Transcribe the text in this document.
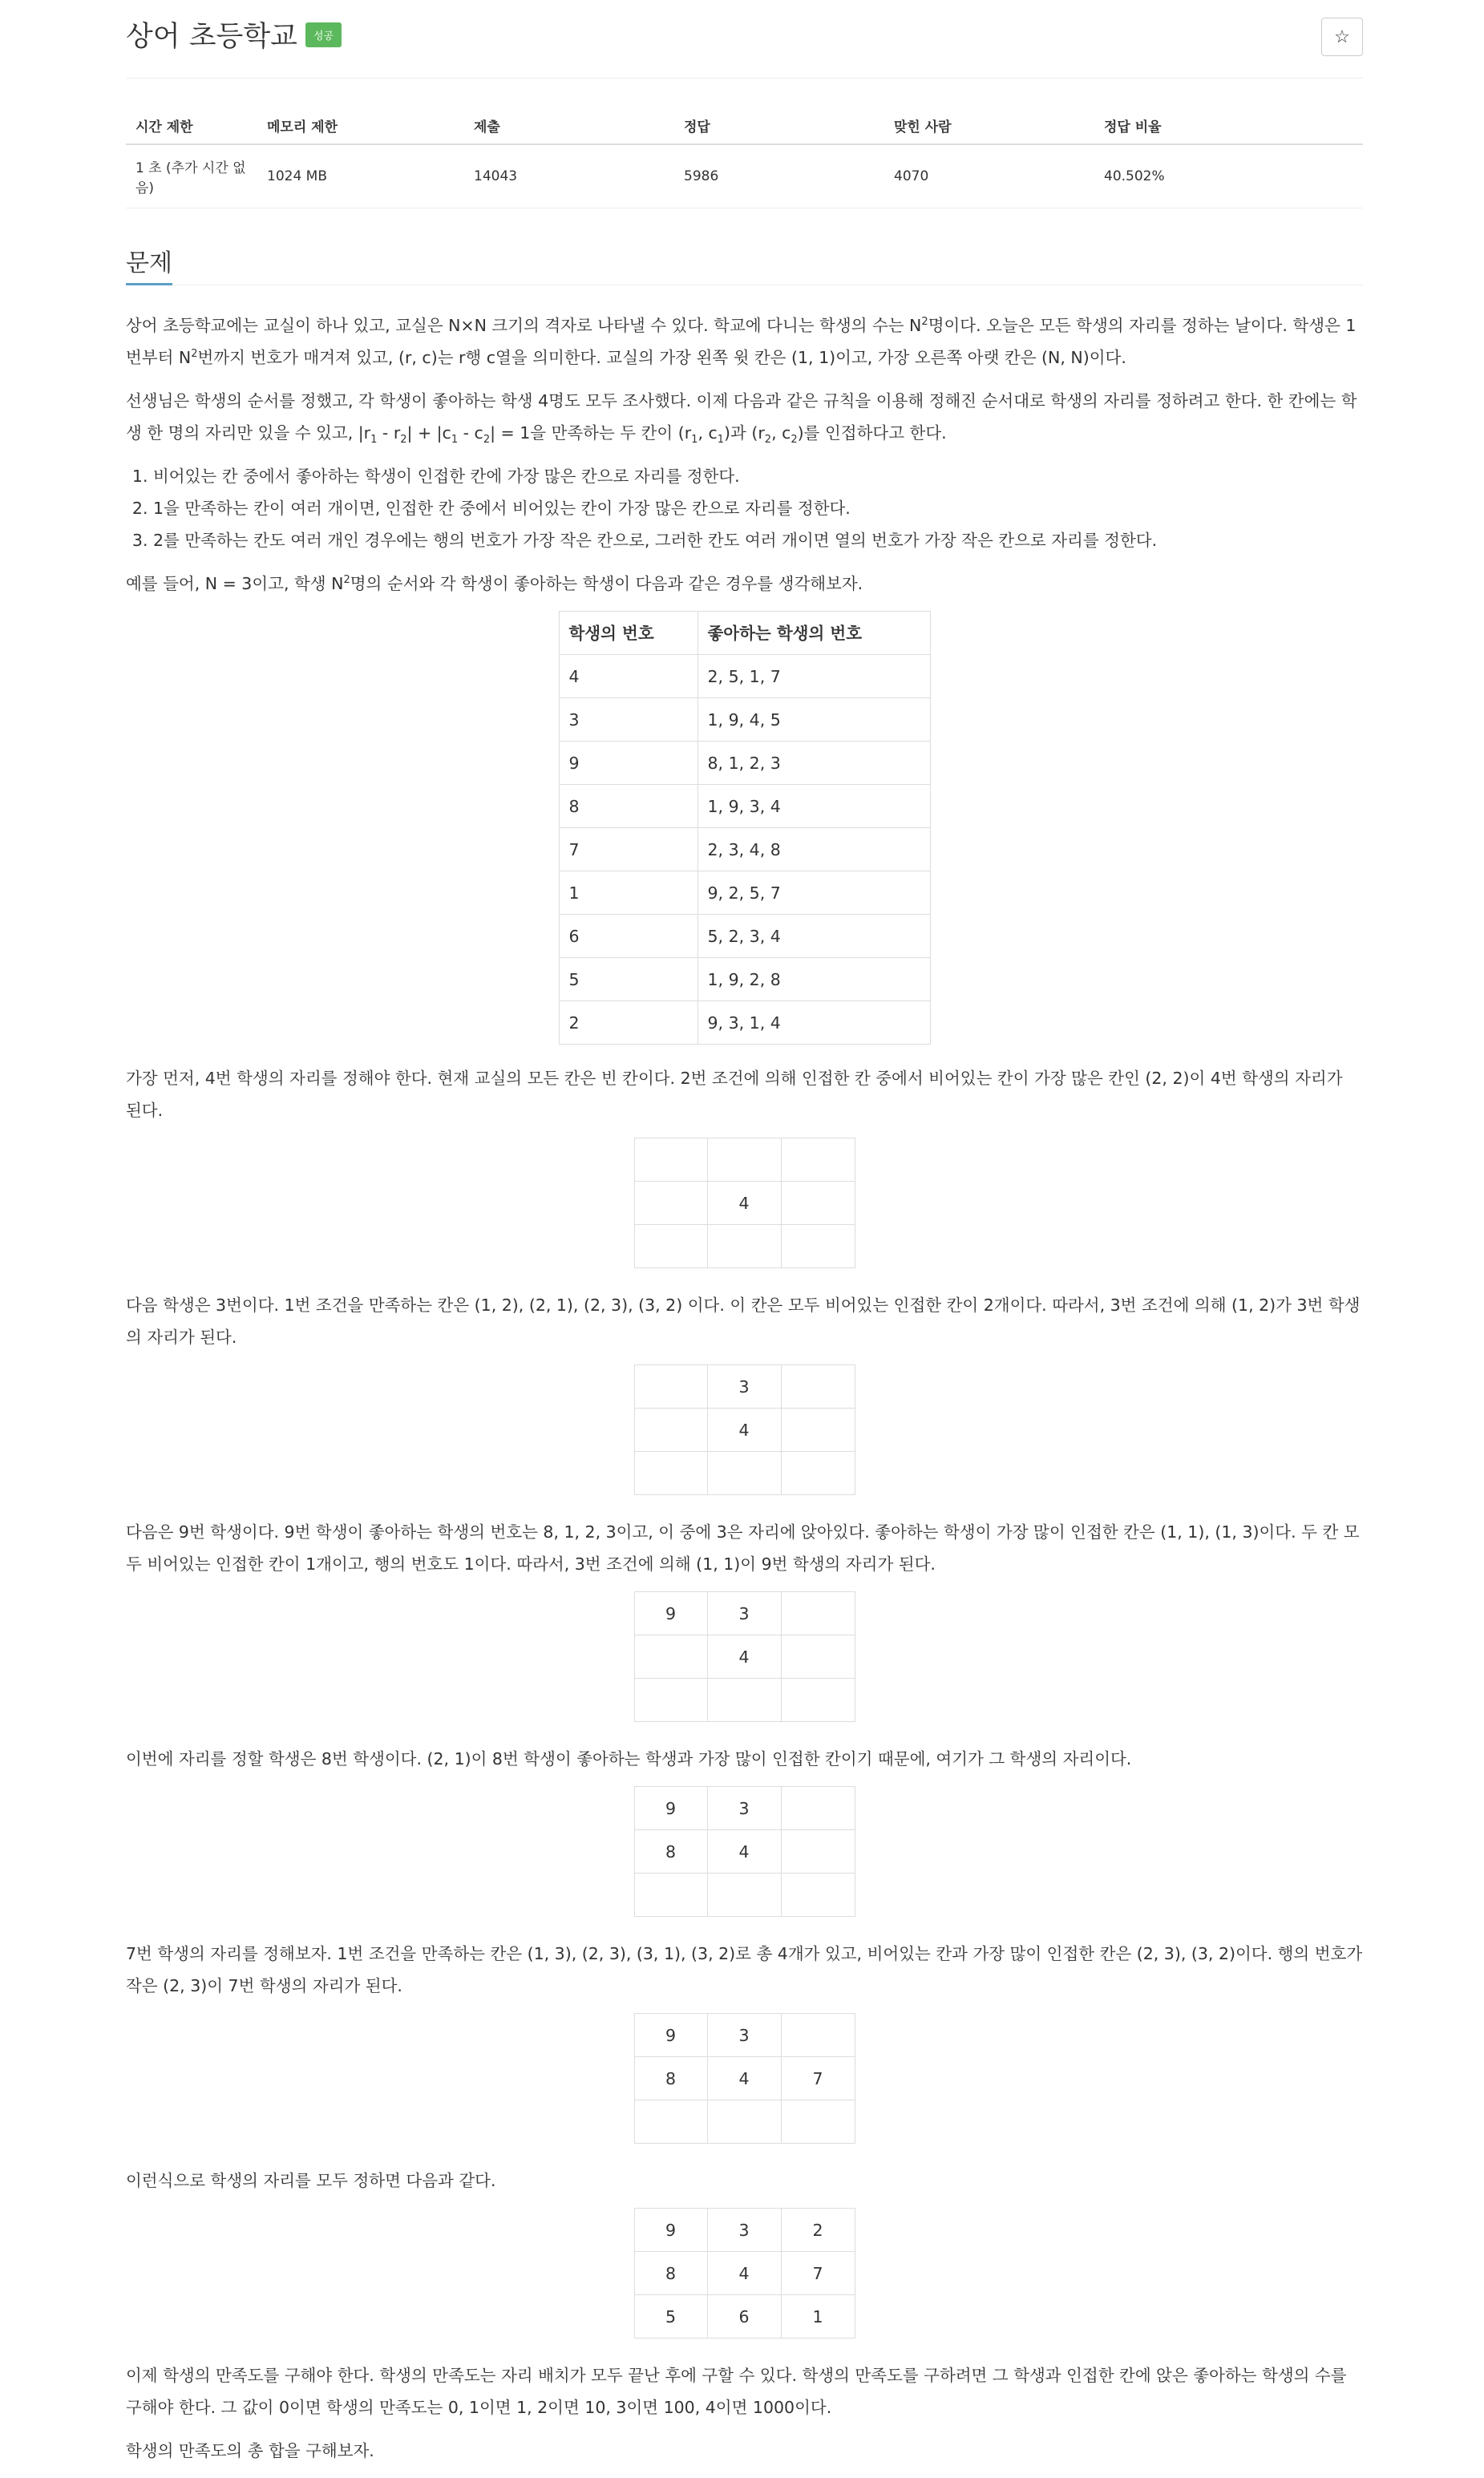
상어 초등학교 성공	☆
시간 제한	메모리 제한	제출	정답	맞힌 사람	정답 비율
1 초 (추가 시간 없음)	1024 MB	14043	5986	4070	40.502%
문제

상어 초등학교에는 교실이 하나 있고, 교실은 N×N 크기의 격자로 나타낼 수 있다. 학교에 다니는 학생의 수는 $N^2$명이다. 오늘은 모든 학생의 자리를 정하는 날이다. 학생은 1번부터 $N^2$번까지 번호가 매겨져 있고, (r, c)는 r행 c열을 의미한다. 교실의 가장 왼쪽 윗 칸은 (1, 1)이고, 가장 오른쪽 아랫 칸은 (N, N)이다.

선생님은 학생의 순서를 정했고, 각 학생이 좋아하는 학생 4명도 모두 조사했다. 이제 다음과 같은 규칙을 이용해 정해진 순서대로 학생의 자리를 정하려고 한다. 한 칸에는 학생 한 명의 자리만 있을 수 있고, $|r_1 - r_2| + |c_1 - c_2| = 1$을 만족하는 두 칸이 ($r_1$, $c_1$)과 ($r_2$, $c_2$)를 인접하다고 한다.

1. 비어있는 칸 중에서 좋아하는 학생이 인접한 칸에 가장 많은 칸으로 자리를 정한다.
2. 1을 만족하는 칸이 여러 개이면, 인접한 칸 중에서 비어있는 칸이 가장 많은 칸으로 자리를 정한다.
3. 2를 만족하는 칸도 여러 개인 경우에는 행의 번호가 가장 작은 칸으로, 그러한 칸도 여러 개이면 열의 번호가 가장 작은 칸으로 자리를 정한다.

예를 들어, N = 3이고, 학생 $N^2$명의 순서와 각 학생이 좋아하는 학생이 다음과 같은 경우를 생각해보자.

학생의 번호	좋아하는 학생의 번호
4	2, 5, 1, 7
3	1, 9, 4, 5
9	8, 1, 2, 3
8	1, 9, 3, 4
7	2, 3, 4, 8
1	9, 2, 5, 7
6	5, 2, 3, 4
5	1, 9, 2, 8
2	9, 3, 1, 4

가장 먼저, 4번 학생의 자리를 정해야 한다. 현재 교실의 모든 칸은 빈 칸이다. 2번 조건에 의해 인접한 칸 중에서 비어있는 칸이 가장 많은 칸인 (2, 2)이 4번 학생의 자리가 된다.

	4	

다음 학생은 3번이다. 1번 조건을 만족하는 칸은 (1, 2), (2, 1), (2, 3), (3, 2) 이다. 이 칸은 모두 비어있는 인접한 칸이 2개이다. 따라서, 3번 조건에 의해 (1, 2)가 3번 학생의 자리가 된다.

	3	
	4	

다음은 9번 학생이다. 9번 학생이 좋아하는 학생의 번호는 8, 1, 2, 3이고, 이 중에 3은 자리에 앉아있다. 좋아하는 학생이 가장 많이 인접한 칸은 (1, 1), (1, 3)이다. 두 칸 모두 비어있는 인접한 칸이 1개이고, 행의 번호도 1이다. 따라서, 3번 조건에 의해 (1, 1)이 9번 학생의 자리가 된다.

9	3	
	4	

이번에 자리를 정할 학생은 8번 학생이다. (2, 1)이 8번 학생이 좋아하는 학생과 가장 많이 인접한 칸이기 때문에, 여기가 그 학생의 자리이다.

9	3	
8	4	

7번 학생의 자리를 정해보자. 1번 조건을 만족하는 칸은 (1, 3), (2, 3), (3, 1), (3, 2)로 총 4개가 있고, 비어있는 칸과 가장 많이 인접한 칸은 (2, 3), (3, 2)이다. 행의 번호가 작은 (2, 3)이 7번 학생의 자리가 된다.

9	3	
8	4	7

이런식으로 학생의 자리를 모두 정하면 다음과 같다.

9	3	2
8	4	7
5	6	1

이제 학생의 만족도를 구해야 한다. 학생의 만족도는 자리 배치가 모두 끝난 후에 구할 수 있다. 학생의 만족도를 구하려면 그 학생과 인접한 칸에 앉은 좋아하는 학생의 수를 구해야 한다. 그 값이 0이면 학생의 만족도는 0, 1이면 1, 2이면 10, 3이면 100, 4이면 1000이다.

학생의 만족도의 총 합을 구해보자.
